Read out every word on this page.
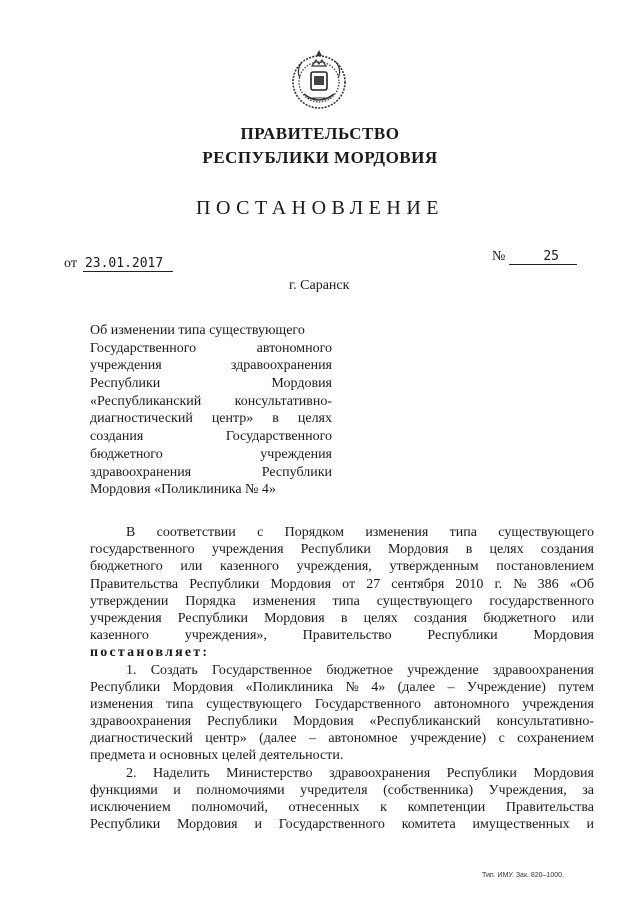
ПРАВИТЕЛЬСТВО
РЕСПУБЛИКИ МОРДОВИЯ
ПОСТАНОВЛЕНИЕ
от 23.01.2017	№	25
г. Саранск
Об изменении типа существующего
Государственного автономного
учреждения здравоохранения
Республики Мордовия
«Республиканский консультативно-
диагностический центр» в целях
создания Государственного
бюджетного учреждения
здравоохранения Республики
Мордовия «Поликлиника № 4»
В соответствии с Порядком изменения типа существующего
государственного учреждения Республики Мордовия в целях создания
бюджетного или казенного учреждения, утвержденным постановлением
Правительства Республики Мордовия от 27 сентября 2010 г. № 386 «Об
утверждении Порядка изменения типа существующего государственного
учреждения Республики Мордовия в целях создания бюджетного или
казенного учреждения», Правительство Республики Мордовия
постановляет:
1. Создать Государственное бюджетное учреждение здравоохранения
Республики Мордовия «Поликлиника № 4» (далее – Учреждение) путем
изменения типа существующего Государственного автономного учреждения
здравоохранения Республики Мордовия «Республиканский консультативно-
диагностический центр» (далее – автономное учреждение) с сохранением
предмета и основных целей деятельности.
2. Наделить Министерство здравоохранения Республики Мордовия
функциями и полномочиями учредителя (собственника) Учреждения, за
исключением полномочий, отнесенных к компетенции Правительства
Республики Мордовия и Государственного комитета имущественных и
Тип. ИМУ. Зак. 820–1000.
